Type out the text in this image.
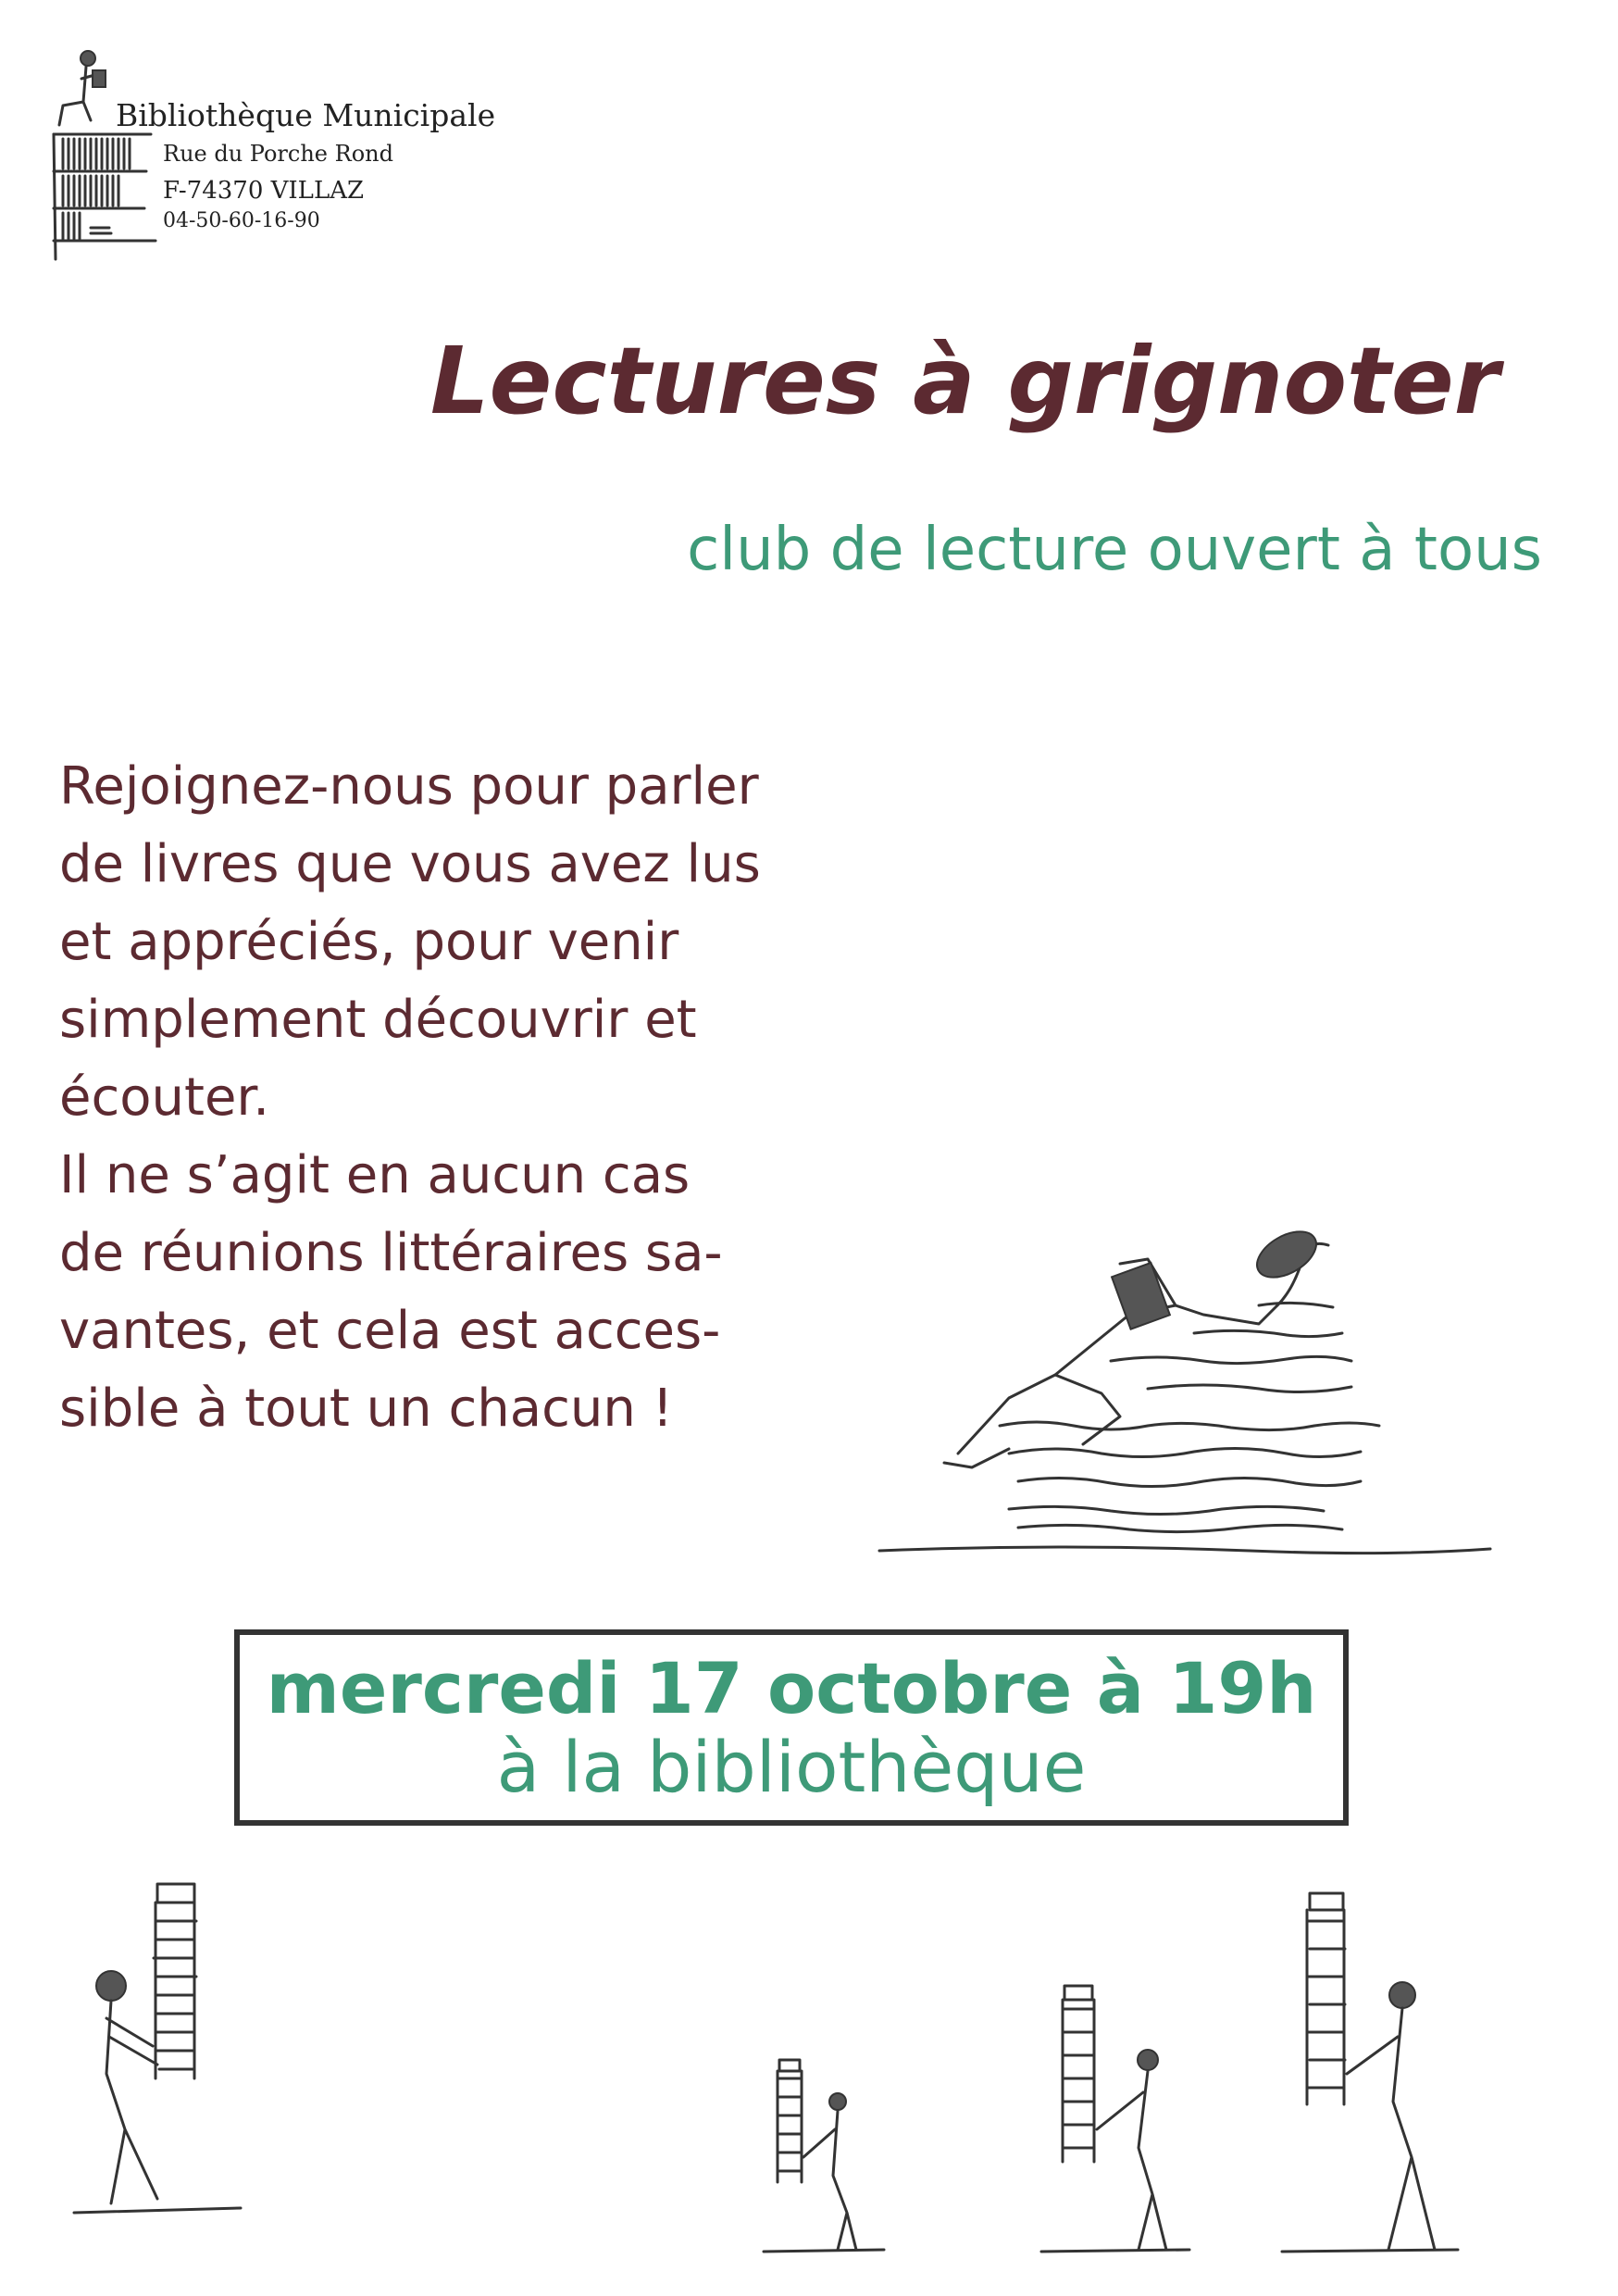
Bibliothèque Municipale
Rue du Porche Rond
F-74370 VILLAZ
04-50-60-16-90
Lectures à grignoter
club de lecture ouvert à tous

Rejoignez-nous pour parler

de livres que vous avez lus

et appréciés, pour venir

simplement découvrir et

écouter.

Il ne s’agit en aucun cas

de réunions littéraires sa-

vantes, et cela est acces-

sible à tout un chacun !

mercredi 17 octobre à 19h
à la bibliothèque
